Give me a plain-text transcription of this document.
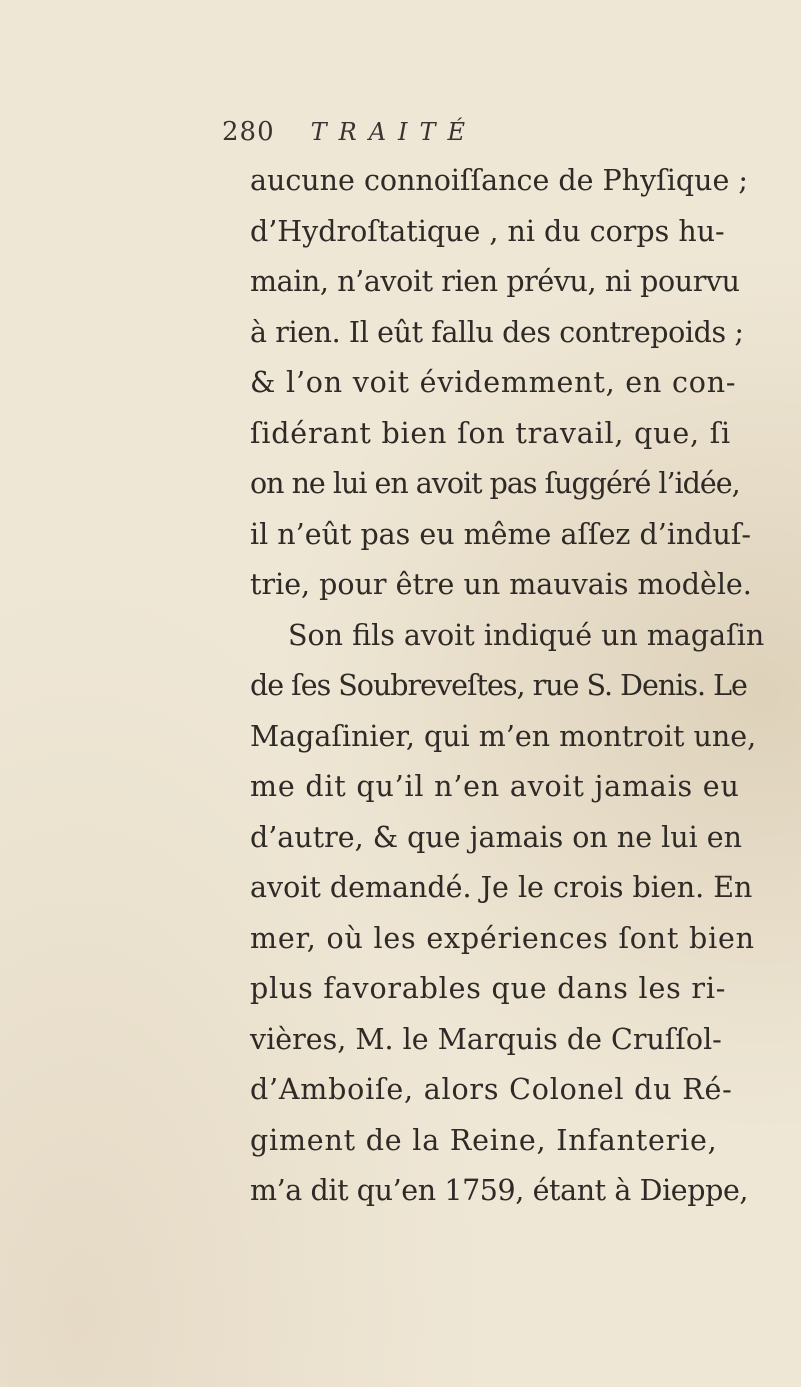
280 TRAITÉ
aucune connoiſſance de Phyſique ;
d’Hydroſtatique , ni du corps hu-
main, n’avoit rien prévu, ni pourvu
à rien. Il eût fallu des contrepoids ;
& l’on voit évidemment, en con-
ſidérant bien ſon travail, que, ſi
on ne lui en avoit pas ſuggéré l’idée,
il n’eût pas eu même aſſez d’induſ-
trie, pour être un mauvais modèle.
Son fils avoit indiqué un magaſin
de ſes Soubreveſtes, rue S. Denis. Le
Magaſinier, qui m’en montroit une,
me dit qu’il n’en avoit jamais eu
d’autre, & que jamais on ne lui en
avoit demandé. Je le crois bien. En
mer, où les expériences ſont bien
plus favorables que dans les ri-
vières, M. le Marquis de Cruſſol-
d’Amboiſe, alors Colonel du Ré-
giment de la Reine, Infanterie,
m’a dit qu’en 1759, étant à Dieppe,
